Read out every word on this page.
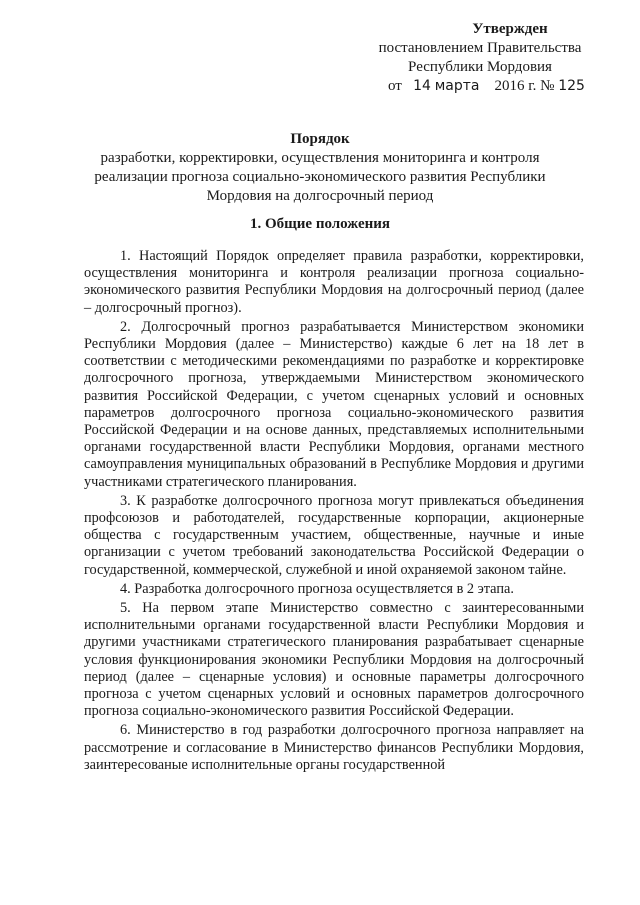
Утвержден
постановлением Правительства
Республики Мордовия
от 14 марта 2016 г. № 125
Порядок
разработки, корректировки, осуществления мониторинга и контроля реализации прогноза социально-экономического развития Республики Мордовия на долгосрочный период
1. Общие положения

1. Настоящий Порядок определяет правила разработки, корректировки, осуществления мониторинга и контроля реализации прогноза социально-экономического развития Республики Мордовия на долгосрочный период (далее – долгосрочный прогноз).

2. Долгосрочный прогноз разрабатывается Министерством экономики Республики Мордовия (далее – Министерство) каждые 6 лет на 18 лет в соответствии с методическими рекомендациями по разработке и корректировке долгосрочного прогноза, утверждаемыми Министерством экономического развития Российской Федерации, с учетом сценарных условий и основных параметров долгосрочного прогноза социально-экономического развития Российской Федерации и на основе данных, представляемых исполнительными органами государственной власти Республики Мордовия, органами местного самоуправления муниципальных образований в Республике Мордовия и другими участниками стратегического планирования.

3. К разработке долгосрочного прогноза могут привлекаться объединения профсоюзов и работодателей, государственные корпорации, акционерные общества с государственным участием, общественные, научные и иные организации с учетом требований законодательства Российской Федерации о государственной, коммерческой, служебной и иной охраняемой законом тайне.

4. Разработка долгосрочного прогноза осуществляется в 2 этапа.

5. На первом этапе Министерство совместно с заинтересованными исполнительными органами государственной власти Республики Мордовия и другими участниками стратегического планирования разрабатывает сценарные условия функционирования экономики Республики Мордовия на долгосрочный период (далее – сценарные условия) и основные параметры долгосрочного прогноза с учетом сценарных условий и основных параметров долгосрочного прогноза социально-экономического развития Российской Федерации.

6. Министерство в год разработки долгосрочного прогноза направляет на рассмотрение и согласование в Министерство финансов Республики Мордовия, заинтересованые исполнительные органы государственной
